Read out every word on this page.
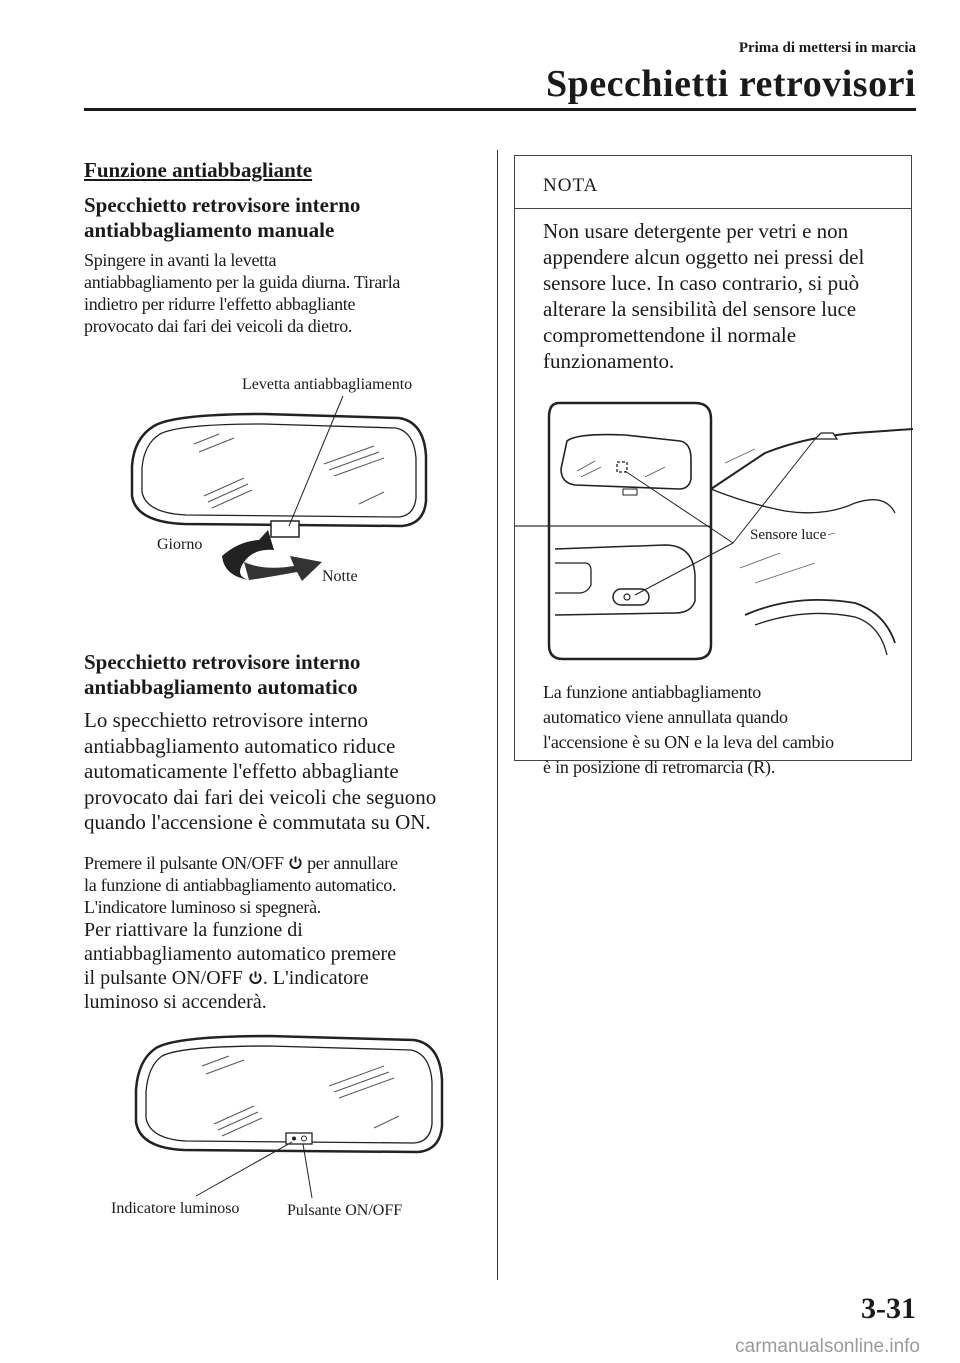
Prima di mettersi in marcia
Specchietti retrovisori
Funzione antiabbagliante
Specchietto retrovisore interno
antiabbagliamento manuale
Spingere in avanti la levetta
antiabbagliamento per la guida diurna. Tirarla
indietro per ridurre l'effetto abbagliante
provocato dai fari dei veicoli da dietro.
Levetta antiabbagliamento
Giorno
Notte
Specchietto retrovisore interno
antiabbagliamento automatico
Lo specchietto retrovisore interno
antiabbagliamento automatico riduce
automaticamente l'effetto abbagliante
provocato dai fari dei veicoli che seguono
quando l'accensione è commutata su ON.
Premere il pulsante ON/OFF per annullare
la funzione di antiabbagliamento automatico.
L'indicatore luminoso si spegnerà.
Per riattivare la funzione di
antiabbagliamento automatico premere
il pulsante ON/OFF . L'indicatore
luminoso si accenderà.
Indicatore luminoso	Pulsante ON/OFF
NOTA
Non usare detergente per vetri e non
appendere alcun oggetto nei pressi del
sensore luce. In caso contrario, si può
alterare la sensibilità del sensore luce
compromettendone il normale
funzionamento.
Sensore luce
La funzione antiabbagliamento
automatico viene annullata quando
l'accensione è su ON e la leva del cambio
è in posizione di retromarcia (R).
3-31
carmanualsonline.info
